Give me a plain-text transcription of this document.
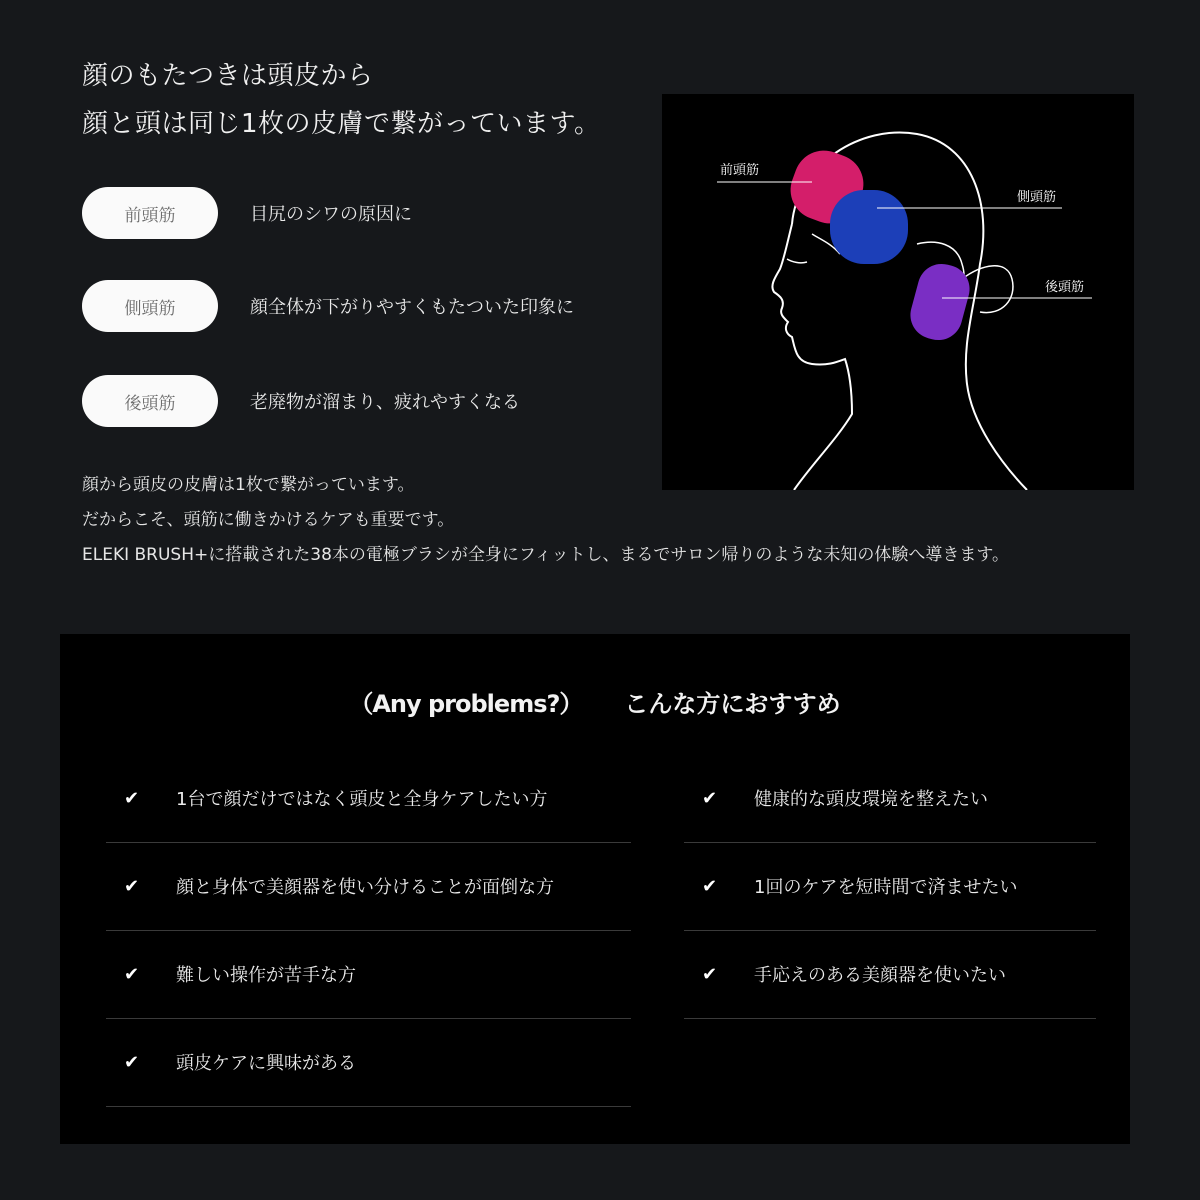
顔のもたつきは頭皮から
顔と頭は同じ1枚の皮膚で繋がっています。
前頭筋	目尻のシワの原因に
側頭筋	顔全体が下がりやすくもたついた印象に
後頭筋	老廃物が溜まり、疲れやすくなる
顔から頭皮の皮膚は1枚で繋がっています。
だからこそ、頭筋に働きかけるケアも重要です。
ELEKI BRUSH+に搭載された38本の電極ブラシが全身にフィットし、まるでサロン帰りのような未知の体験へ導きます。
前頭筋
側頭筋
後頭筋
（Any problems?） こんな方におすすめ
✔	1台で顔だけではなく頭皮と全身ケアしたい方
✔	顔と身体で美顔器を使い分けることが面倒な方
✔	難しい操作が苦手な方
✔	頭皮ケアに興味がある
✔	健康的な頭皮環境を整えたい
✔	1回のケアを短時間で済ませたい
✔	手応えのある美顔器を使いたい
